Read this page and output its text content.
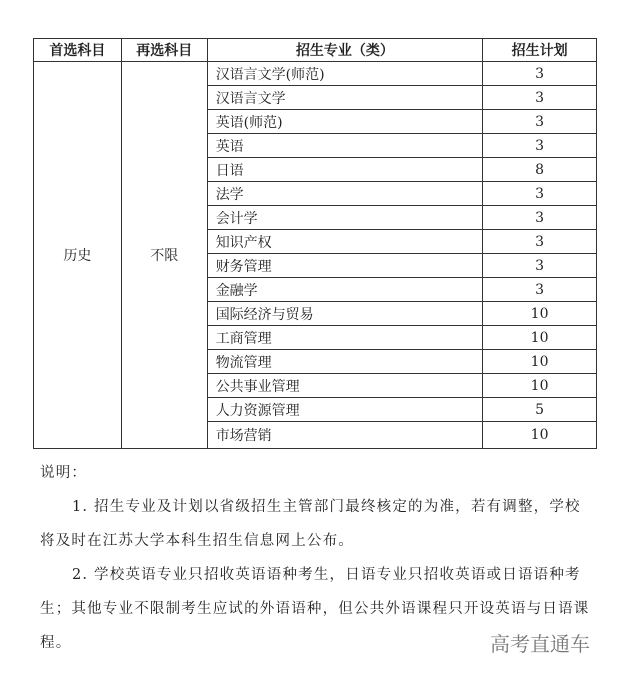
首选科目	再选科目	招生专业（类）	招生计划
历史	不限	汉语言文学(师范)	3
		汉语言文学	3
		英语(师范)	3
		英语	3
		日语	8
		法学	3
		会计学	3
		知识产权	3
		财务管理	3
		金融学	3
		国际经济与贸易	10
		工商管理	10
		物流管理	10
		公共事业管理	10
		人力资源管理	5
		市场营销	10

说明：

1. 招生专业及计划以省级招生主管部门最终核定的为准，若有调整，学校将及时在江苏大学本科生招生信息网上公布。

2. 学校英语专业只招收英语语种考生，日语专业只招收英语或日语语种考生；其他专业不限制考生应试的外语语种，但公共外语课程只开设英语与日语课程。	高考直通车
